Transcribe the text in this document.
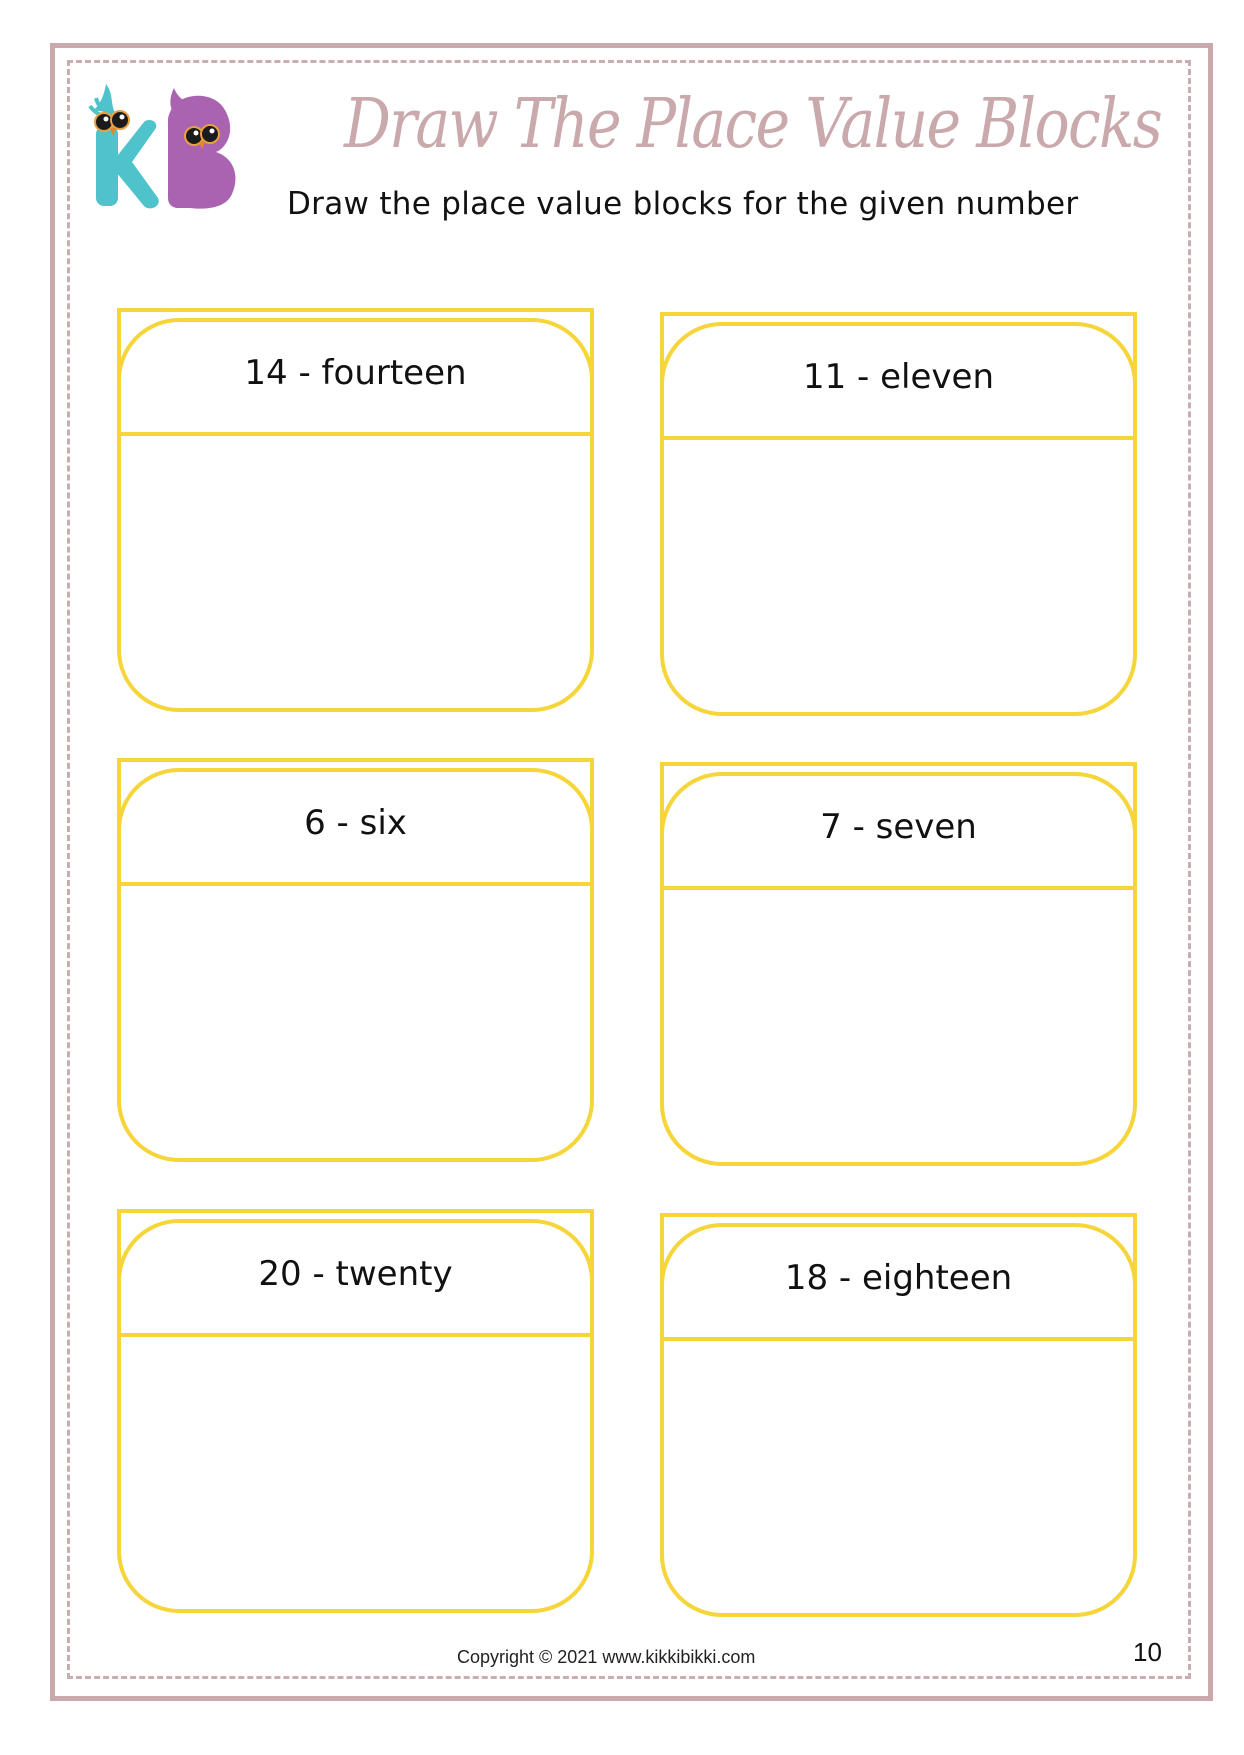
Draw The Place Value Blocks
Draw the place value blocks for the given number
14 - fourteen	11 - eleven
6 - six	7 - seven
20 - twenty	18 - eighteen
Copyright © 2021 www.kikkibikki.com	10
